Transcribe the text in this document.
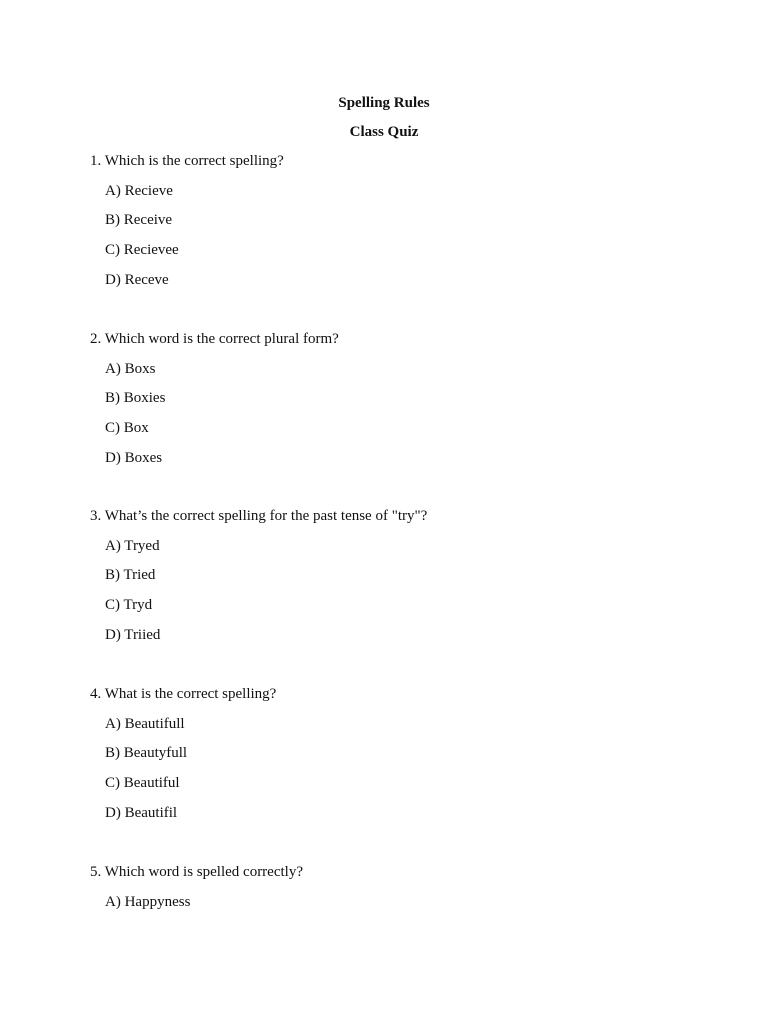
Spelling Rules
Class Quiz
1. Which is the correct spelling?
A) Recieve
B) Receive
C) Recievee
D) Receve
2. Which word is the correct plural form?
A) Boxs
B) Boxies
C) Box
D) Boxes
3. What’s the correct spelling for the past tense of "try"?
A) Tryed
B) Tried
C) Tryd
D) Triied
4. What is the correct spelling?
A) Beautifull
B) Beautyfull
C) Beautiful
D) Beautifil
5. Which word is spelled correctly?
A) Happyness
